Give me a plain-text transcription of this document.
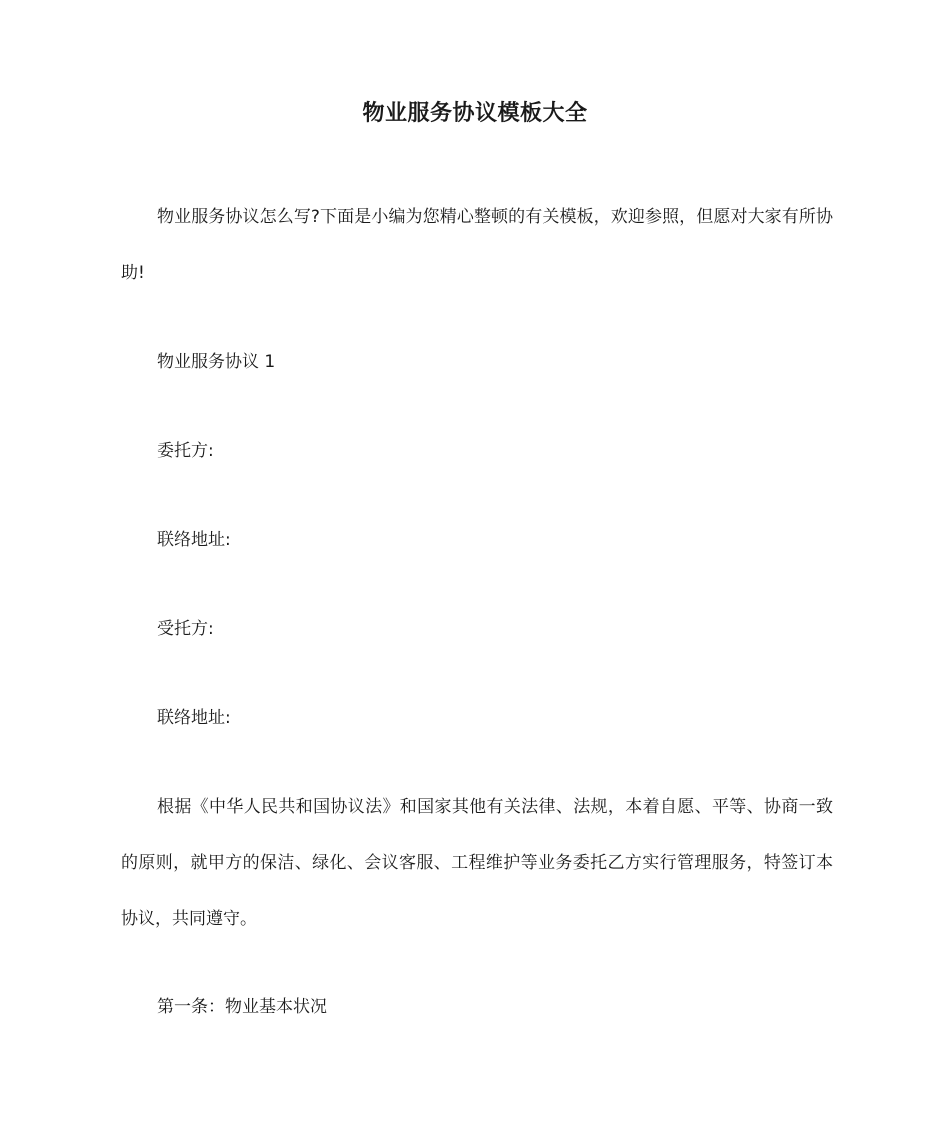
物业服务协议模板大全

物业服务协议怎么写?下面是小编为您精心整顿的有关模板，欢迎参照，但愿对大家有所协助!

物业服务协议 1

委托方:

联络地址:

受托方:

联络地址:

根据《中华人民共和国协议法》和国家其他有关法律、法规，本着自愿、平等、协商一致的原则，就甲方的保洁、绿化、会议客服、工程维护等业务委托乙方实行管理服务，特签订本协议，共同遵守。

第一条：物业基本状况
